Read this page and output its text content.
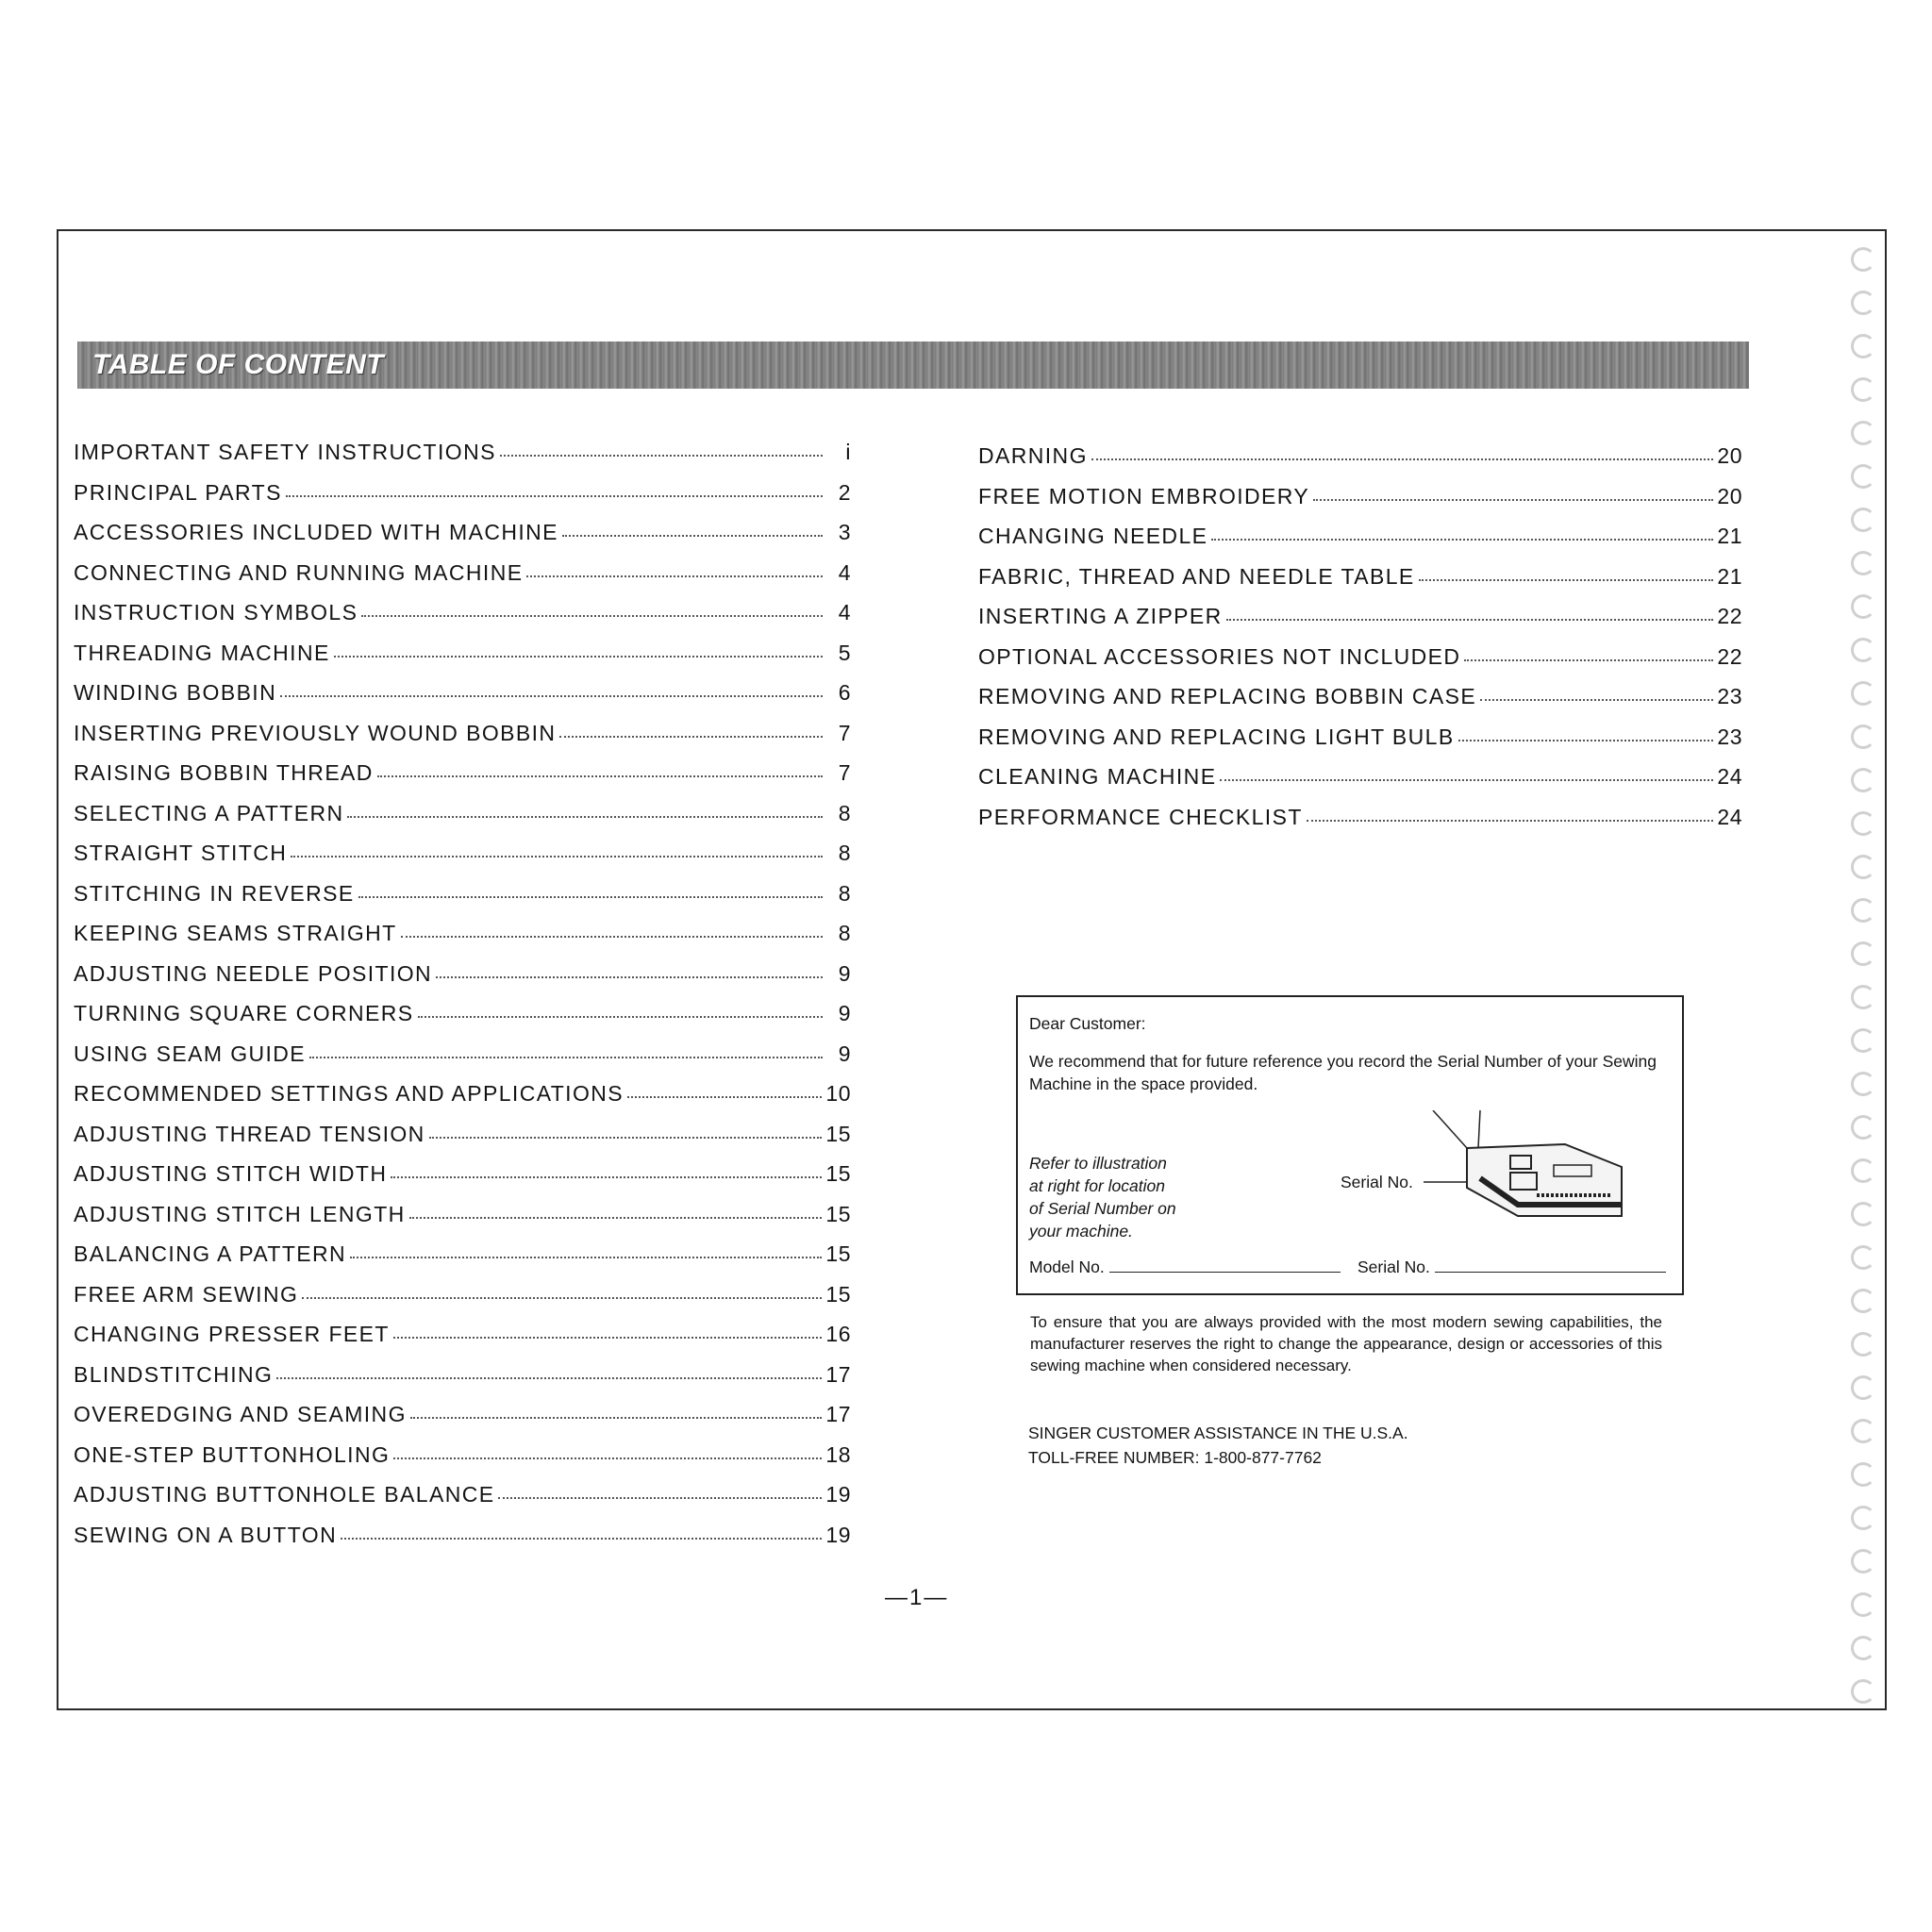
TABLE OF CONTENT
IMPORTANT SAFETY INSTRUCTIONS	i
PRINCIPAL PARTS	2
ACCESSORIES INCLUDED WITH MACHINE	3
CONNECTING AND RUNNING MACHINE	4
INSTRUCTION SYMBOLS	4
THREADING MACHINE	5
WINDING BOBBIN	6
INSERTING PREVIOUSLY WOUND BOBBIN	7
RAISING BOBBIN THREAD	7
SELECTING A PATTERN	8
STRAIGHT STITCH	8
STITCHING IN REVERSE	8
KEEPING SEAMS STRAIGHT	8
ADJUSTING NEEDLE POSITION	9
TURNING SQUARE CORNERS	9
USING SEAM GUIDE	9
RECOMMENDED SETTINGS AND APPLICATIONS	10
ADJUSTING THREAD TENSION	15
ADJUSTING STITCH WIDTH	15
ADJUSTING STITCH LENGTH	15
BALANCING A PATTERN	15
FREE ARM SEWING	15
CHANGING PRESSER FEET	16
BLINDSTITCHING	17
OVEREDGING AND SEAMING	17
ONE-STEP BUTTONHOLING	18
ADJUSTING BUTTONHOLE BALANCE	19
SEWING ON A BUTTON	19
DARNING	20
FREE MOTION EMBROIDERY	20
CHANGING NEEDLE	21
FABRIC, THREAD AND NEEDLE TABLE	21
INSERTING A ZIPPER	22
OPTIONAL ACCESSORIES NOT INCLUDED	22
REMOVING AND REPLACING BOBBIN CASE	23
REMOVING AND REPLACING LIGHT BULB	23
CLEANING MACHINE	24
PERFORMANCE CHECKLIST	24
Dear Customer:
We recommend that for future reference you record the Serial Number of your Sewing Machine in the space provided.
Refer to illustration
at right for location
of Serial Number on
your machine.
Serial No.
Model No.	Serial No.
To ensure that you are always provided with the most modern sewing capabilities, the manufacturer reserves the right to change the appearance, design or accessories of this sewing machine when considered necessary.
SINGER CUSTOMER ASSISTANCE IN THE U.S.A.
TOLL-FREE NUMBER: 1-800-877-7762
—1—
